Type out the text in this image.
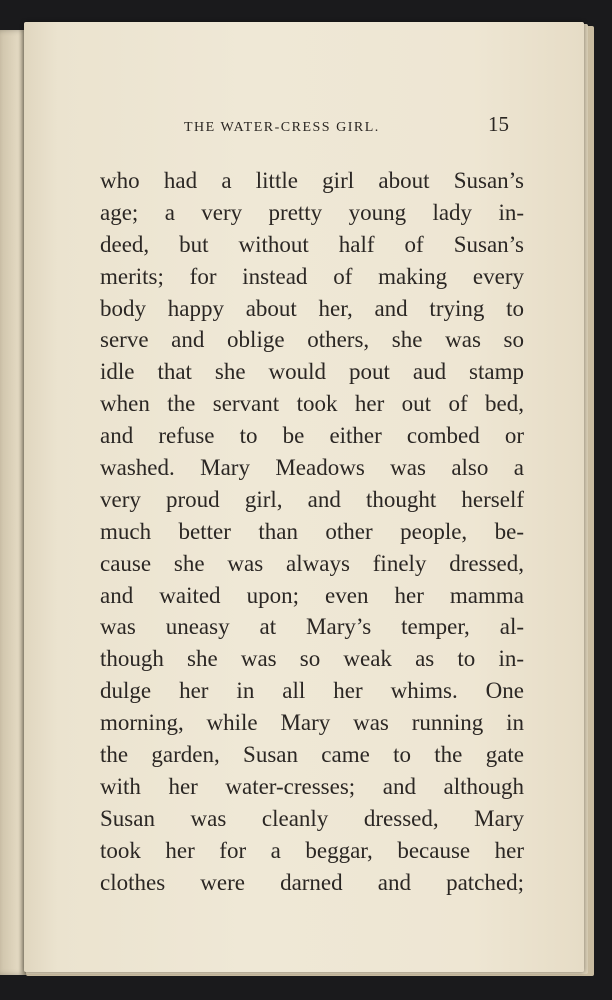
THE WATER-CRESS GIRL.	15
who had a little girl about Susan’s
age; a very pretty young lady in-
deed, but without half of Susan’s
merits; for instead of making every
body happy about her, and trying to
serve and oblige others, she was so
idle that she would pout aud stamp
when the servant took her out of bed,
and refuse to be either combed or
washed. Mary Meadows was also a
very proud girl, and thought herself
much better than other people, be-
cause she was always finely dressed,
and waited upon; even her mamma
was uneasy at Mary’s temper, al-
though she was so weak as to in-
dulge her in all her whims. One
morning, while Mary was running in
the garden, Susan came to the gate
with her water-cresses; and although
Susan was cleanly dressed, Mary
took her for a beggar, because her
clothes were darned and patched;
